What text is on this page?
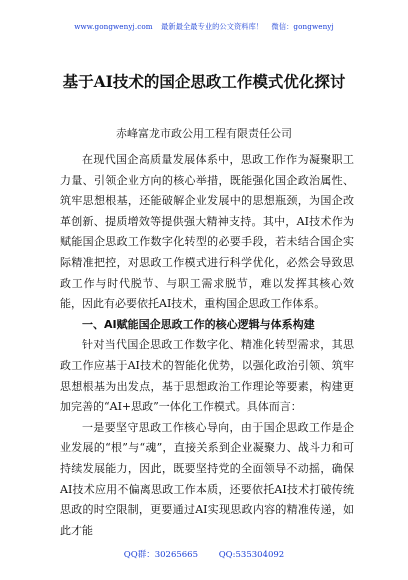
www.gongwenyj.com 最新最全最专业的公文资料库！ 微信：gongwenyj
基于AI技术的国企思政工作模式优化探讨
赤峰富龙市政公用工程有限责任公司

在现代国企高质量发展体系中，思政工作作为凝聚职工力量、引领企业方向的核心举措，既能强化国企政治属性、筑牢思想根基，还能破解企业发展中的思想瓶颈，为国企改革创新、提质增效等提供强大精神支持。其中，AI技术作为赋能国企思政工作数字化转型的必要手段，若未结合国企实际精准把控，对思政工作模式进行科学优化，必然会导致思政工作与时代脱节、与职工需求脱节，难以发挥其核心效能，因此有必要依托AI技术，重构国企思政工作体系。

一、AI赋能国企思政工作的核心逻辑与体系构建

针对当代国企思政工作数字化、精准化转型需求，其思政工作应基于AI技术的智能化优势，以强化政治引领、筑牢思想根基为出发点，基于思想政治工作理论等要素，构建更加完善的“AI+思政”一体化工作模式。具体而言：

一是要坚守思政工作核心导向，由于国企思政工作是企业发展的“根”与“魂”，直接关系到企业凝聚力、战斗力和可持续发展能力，因此，既要坚持党的全面领导不动摇，确保AI技术应用不偏离思政工作本质，还要依托AI技术打破传统思政的时空限制，更要通过AI实现思政内容的精准传递，如此才能

QQ群：30265665 QQ:535304092
